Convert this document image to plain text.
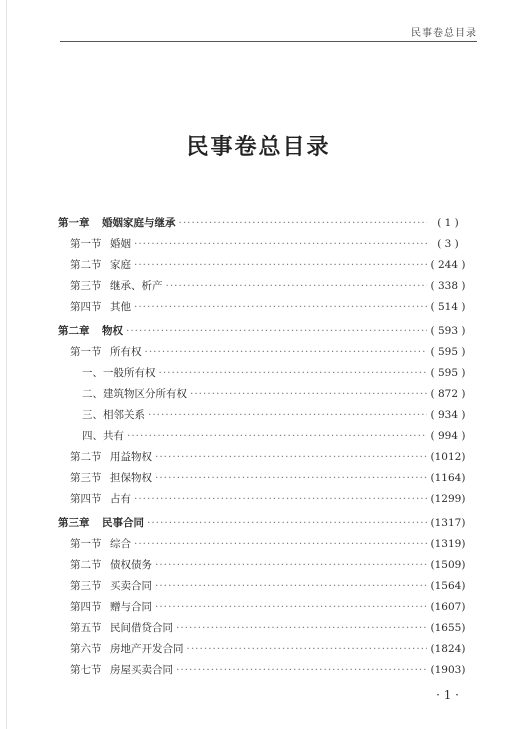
民事卷总目录
民事卷总目录
第一章	婚姻家庭与继承 ·····	( 1 )
第一节 婚姻 ·····	( 3 )
第二节 家庭 ·····	( 244 )
第三节 继承、析产 ·····	( 338 )
第四节 其他 ·····	( 514 )
第二章	物权 ·····	( 593 )
第一节 所有权 ·····	( 595 )
一、一般所有权 ·····	( 595 )
二、建筑物区分所有权 ·····	( 872 )
三、相邻关系 ·····	( 934 )
四、共有 ·····	( 994 )
第二节 用益物权 ·····	(1012)
第三节 担保物权 ·····	(1164)
第四节 占有 ·····	(1299)
第三章	民事合同 ·····	(1317)
第一节 综合 ·····	(1319)
第二节 债权债务 ·····	(1509)
第三节 买卖合同 ·····	(1564)
第四节 赠与合同 ·····	(1607)
第五节 民间借贷合同 ·····	(1655)
第六节 房地产开发合同 ·····	(1824)
第七节 房屋买卖合同 ·····	(1903)
· 1 ·
